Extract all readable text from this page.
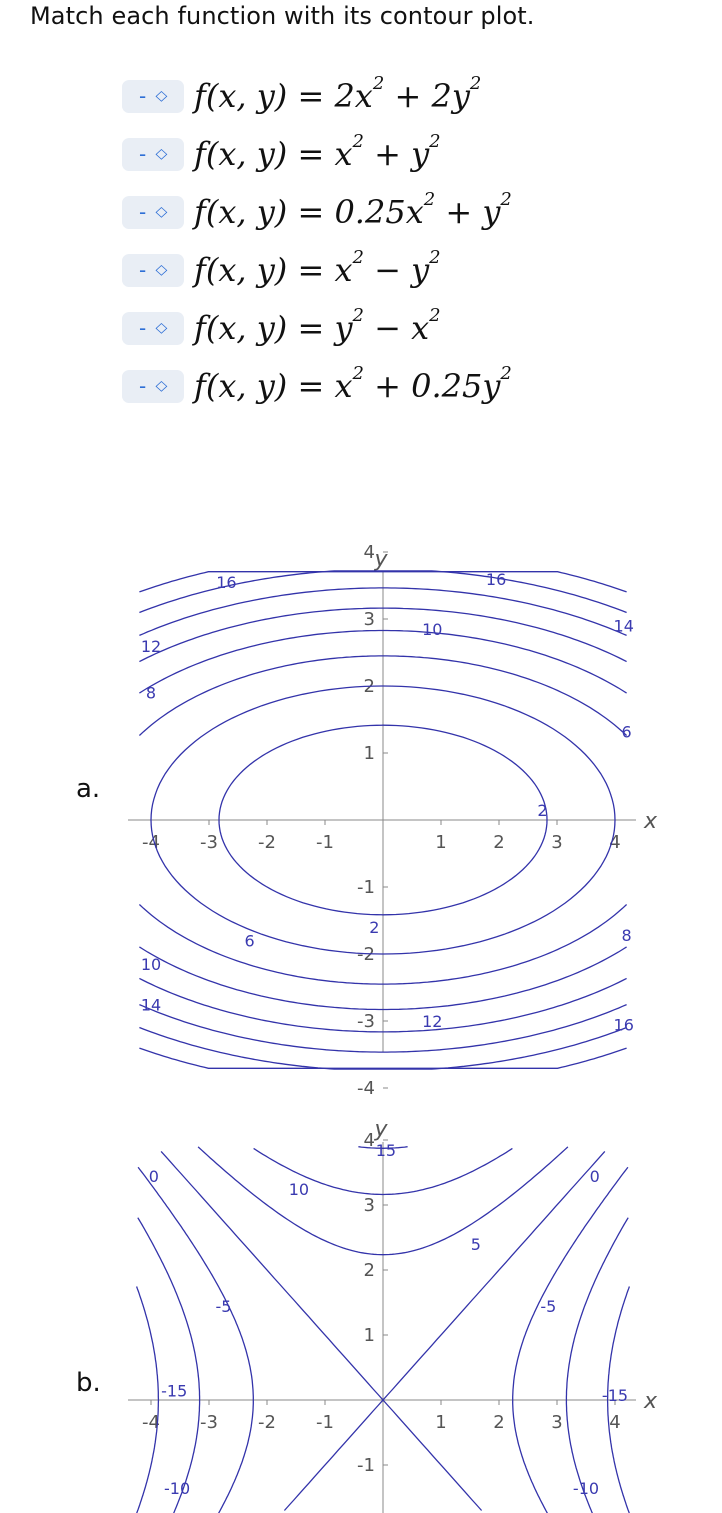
Match each function with its contour plot.
- ◇ f(x, $y) = 2x^2 + 2y^2$
- ◇ f(x, $y) = x^2 + y^2$
- ◇ f(x, $y) = 0.25x^2 + y^2$
- ◇ f(x, $y) = x^2 - y^2$
- ◇ f(x, $y) = y^2 - x^2$
- ◇ f(x, $y) = x^2 + 0.25y^2$
a.
b.
-4 -3 -2 -1	1	2	3	4
1
2
3
4
-1
-2
-3
-4
y
x
16	16
12
10	14
8
6
2
2
6	8
10
14
12	16
-4 -3 -2 -1	1	2	3	4
1
2
3
4
-1
y
x
0	0
15
10
5
-5	-5
-15	-15
-10	-10
